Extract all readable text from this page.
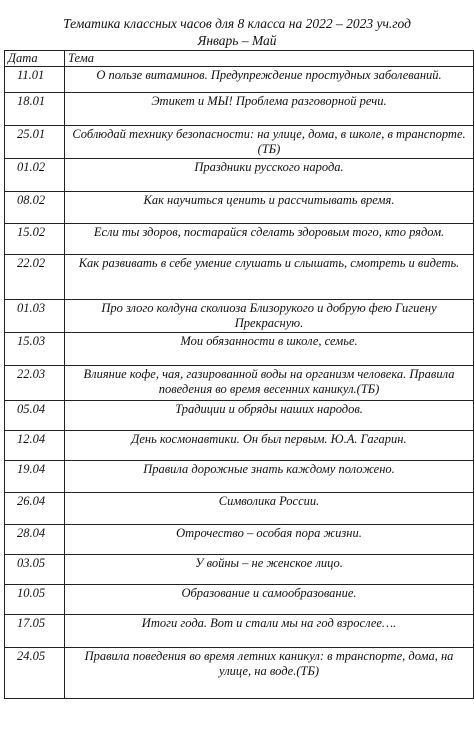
Тематика классных часов для 8 класса на 2022 – 2023 уч.год
Январь – Май
Дата	Тема
11.01	О пользе витаминов. Предупреждение простудных заболеваний.
18.01	Этикет и МЫ! Проблема разговорной речи.
25.01	Соблюдай технику безопасности: на улице, дома, в школе, в транспорте.(ТБ)
01.02	Праздники русского народа.
08.02	Как научиться ценить и рассчитывать время.
15.02	Если ты здоров, постарайся сделать здоровым того, кто рядом.
22.02	Как развивать в себе умение слушать и слышать, смотреть и видеть.
01.03	Про злого колдуна сколиоза Близорукого и добрую фею Гигиену Прекрасную.
15.03	Мои обязанности в школе, семье.
22.03	Влияние кофе, чая, газированной воды на организм человека. Правила поведения во время весенних каникул.(ТБ)
05.04	Традиции и обряды наших народов.
12.04	День космонавтики. Он был первым. Ю.А. Гагарин.
19.04	Правила дорожные знать каждому положено.
26.04	Символика России.
28.04	Отрочество – особая пора жизни.
03.05	У войны – не женское лицо.
10.05	Образование и самообразование.
17.05	Итоги года. Вот и стали мы на год взрослее….
24.05	Правила поведения во время летних каникул: в транспорте, дома, на улице, на воде.(ТБ)
